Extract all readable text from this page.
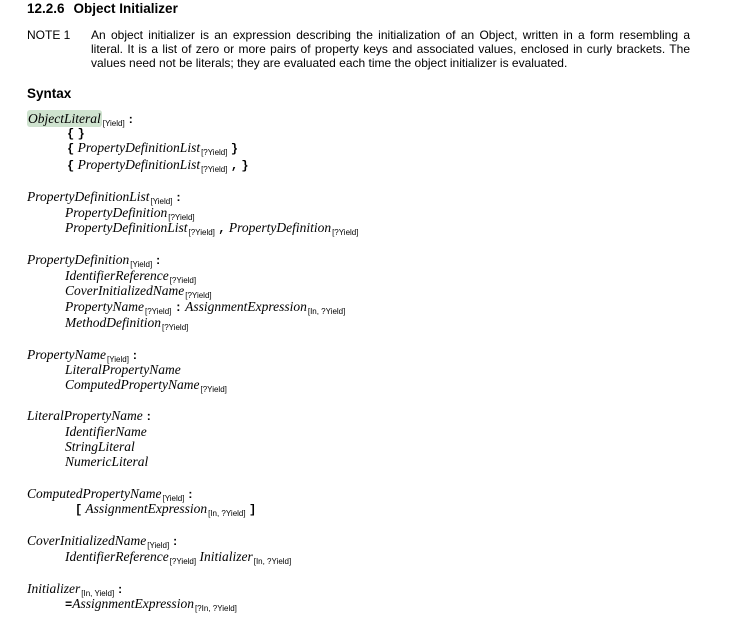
12.2.6 Object Initializer
NOTE 1 An object initializer is an expression describing the initialization of an Object, written in a form resembling a literal. It is a list of zero or more pairs of property keys and associated values, enclosed in curly brackets. The values need not be literals; they are evaluated each time the object initializer is evaluated.
Syntax
ObjectLiteral $_{[Yield]}$ :
{ }
{ PropertyDefinitionList$_{[?Yield]}$ }
{ PropertyDefinitionList$_{[?Yield]}$ , }
PropertyDefinitionList$_{[Yield]}$ :
PropertyDefinition$_{[?Yield]}$
PropertyDefinitionList$_{[?Yield]}$ , PropertyDefinition$_{[?Yield]}$
PropertyDefinition$_{[Yield]}$ :
IdentifierReference$_{[?Yield]}$
CoverInitializedName$_{[?Yield]}$
PropertyName$_{[?Yield]}$ : AssignmentExpression$_{[In, ?Yield]}$
MethodDefinition$_{[?Yield]}$
PropertyName$_{[Yield]}$ :
LiteralPropertyName
ComputedPropertyName$_{[?Yield]}$
LiteralPropertyName :
IdentifierName
StringLiteral
NumericLiteral
ComputedPropertyName$_{[Yield]}$ :
[ AssignmentExpression$_{[In, ?Yield]}$ ]
CoverInitializedName$_{[Yield]}$ :
IdentifierReference$_{[?Yield]}$ Initializer$_{[In, ?Yield]}$
Initializer$_{[In, Yield]}$ :
=AssignmentExpression$_{[?In, ?Yield]}$
